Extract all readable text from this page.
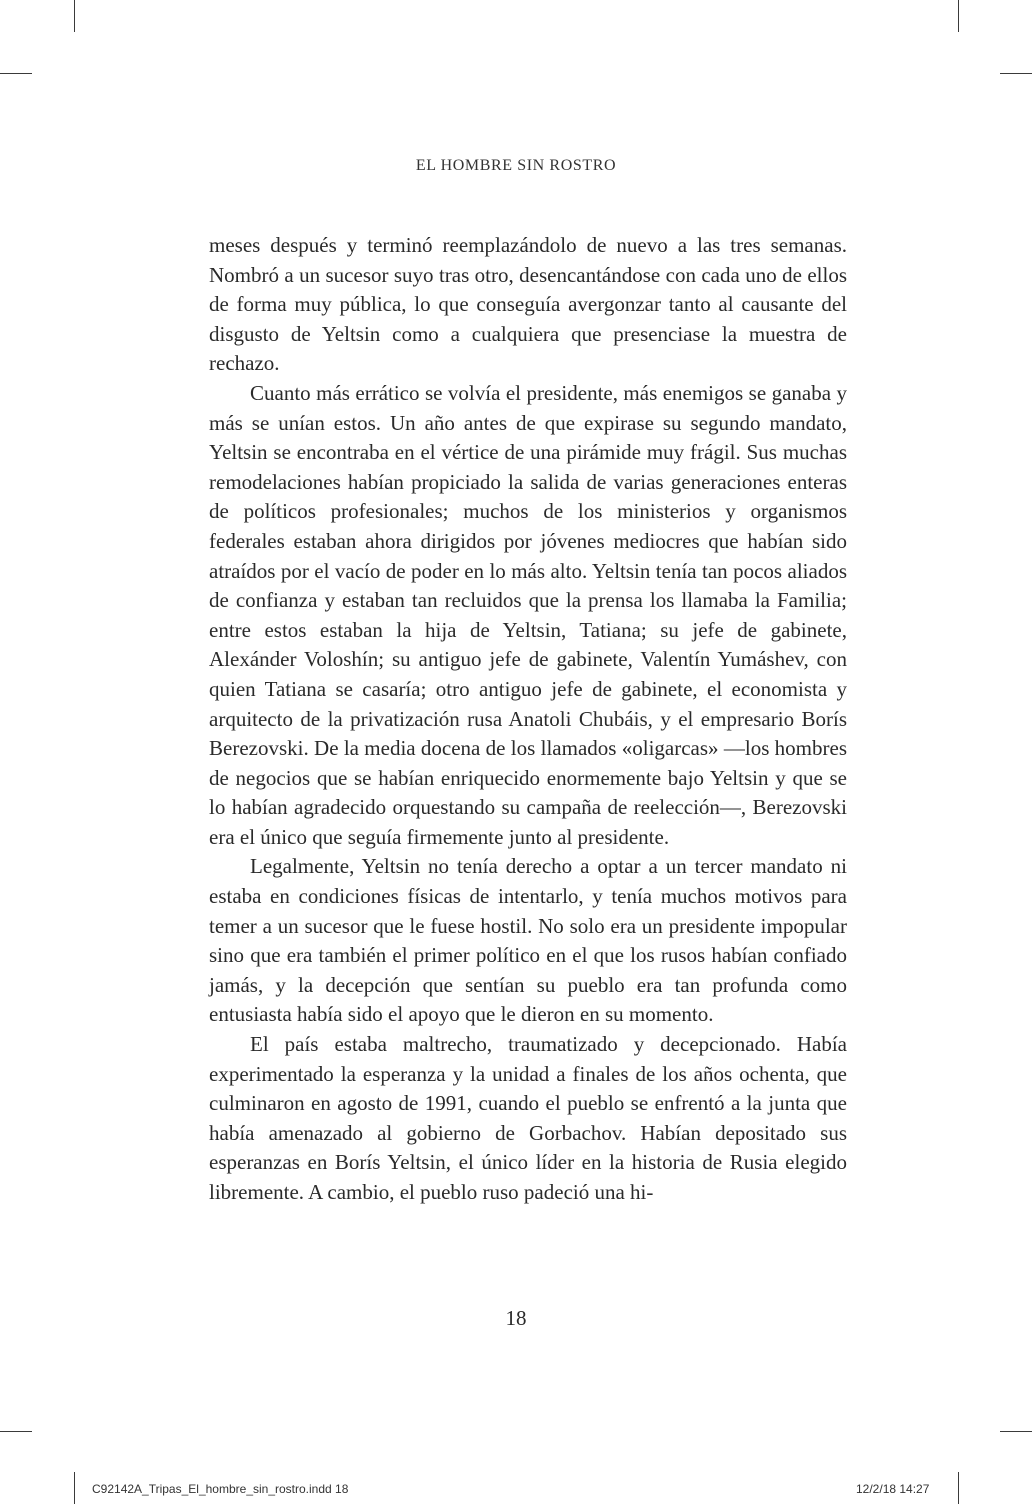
EL HOMBRE SIN ROSTRO

meses después y terminó reemplazándolo de nuevo a las tres semanas. Nombró a un sucesor suyo tras otro, desencantándose con cada uno de ellos de forma muy pública, lo que conseguía avergonzar tanto al causante del disgusto de Yeltsin como a cualquiera que presenciase la muestra de rechazo.

Cuanto más errático se volvía el presidente, más enemigos se ganaba y más se unían estos. Un año antes de que expirase su segundo mandato, Yeltsin se encontraba en el vértice de una pirámide muy frágil. Sus muchas remodelaciones habían propiciado la salida de varias generaciones enteras de políticos profesionales; muchos de los ministerios y organismos federales estaban ahora dirigidos por jóvenes mediocres que habían sido atraídos por el vacío de poder en lo más alto. Yeltsin tenía tan pocos aliados de confianza y estaban tan recluidos que la prensa los llamaba la Familia; entre estos estaban la hija de Yeltsin, Tatiana; su jefe de gabinete, Alexánder Voloshín; su antiguo jefe de gabinete, Valentín Yumáshev, con quien Tatiana se casaría; otro antiguo jefe de gabinete, el economista y arquitecto de la privatización rusa Anatoli Chubáis, y el empresario Borís Berezovski. De la media docena de los llamados «oligarcas» —los hombres de negocios que se habían enriquecido enormemente bajo Yeltsin y que se lo habían agradecido orquestando su campaña de reelección—, Berezovski era el único que seguía firmemente junto al presidente.

Legalmente, Yeltsin no tenía derecho a optar a un tercer mandato ni estaba en condiciones físicas de intentarlo, y tenía muchos motivos para temer a un sucesor que le fuese hostil. No solo era un presidente impopular sino que era también el primer político en el que los rusos habían confiado jamás, y la decepción que sentían su pueblo era tan profunda como entusiasta había sido el apoyo que le dieron en su momento.

El país estaba maltrecho, traumatizado y decepcionado. Había experimentado la esperanza y la unidad a finales de los años ochenta, que culminaron en agosto de 1991, cuando el pueblo se enfrentó a la junta que había amenazado al gobierno de Gorbachov. Habían depositado sus esperanzas en Borís Yeltsin, el único líder en la historia de Rusia elegido libremente. A cambio, el pueblo ruso padeció una hi-

18
C92142A_Tripas_El_hombre_sin_rostro.indd 18	12/2/18 14:27
